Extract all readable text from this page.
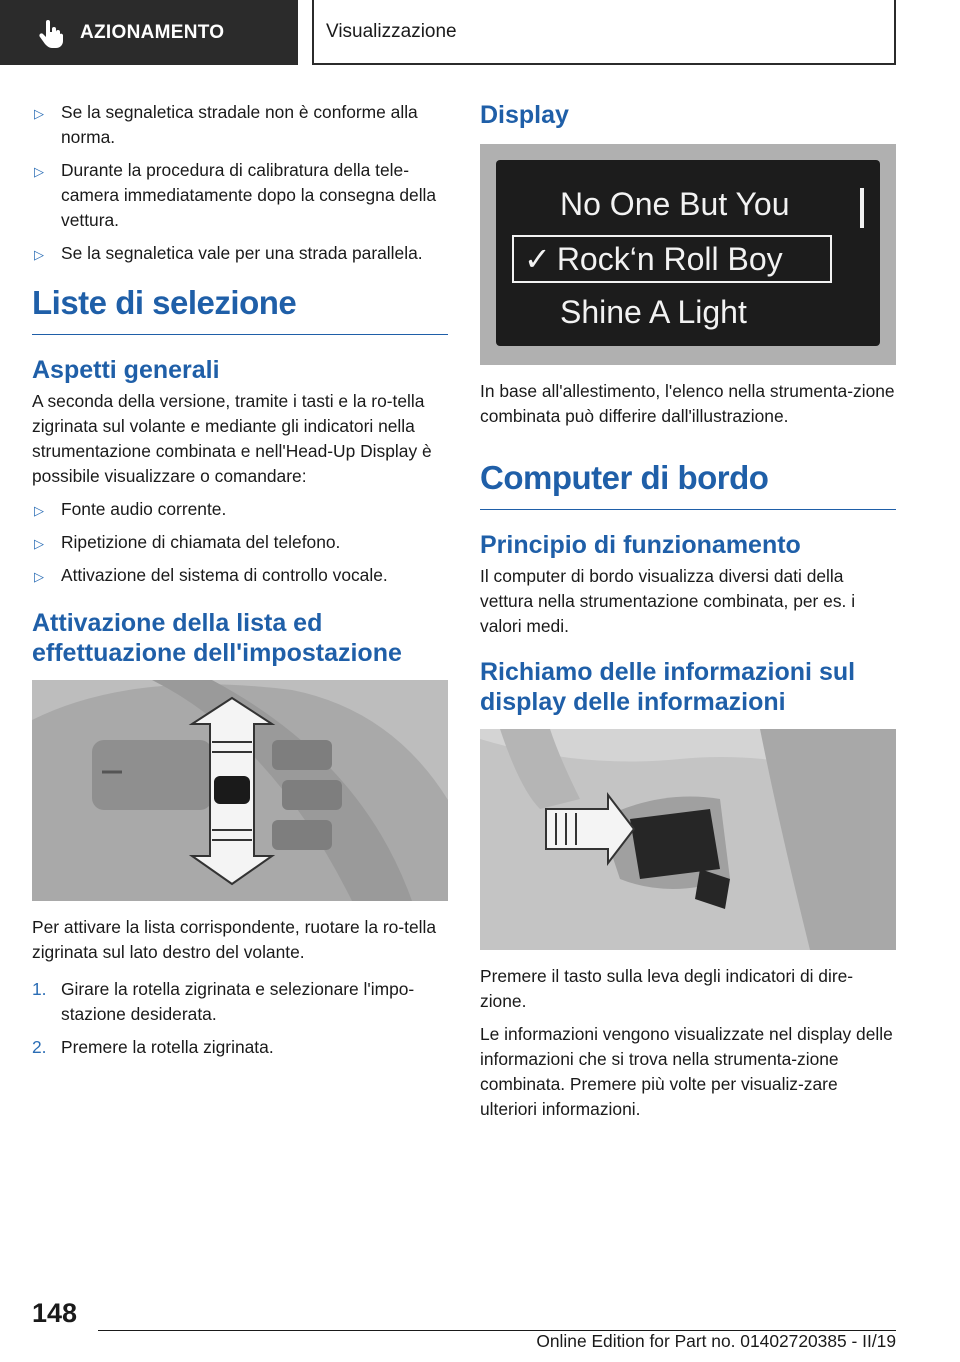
AZIONAMENTO	Visualizzazione
▷ Se la segnaletica stradale non è conforme alla norma.
▷ Durante la procedura di calibratura della tele-camera immediatamente dopo la consegna della vettura.
▷ Se la segnaletica vale per una strada parallela.
Liste di selezione
Aspetti generali

A seconda della versione, tramite i tasti e la ro-tella zigrinata sul volante e mediante gli indicatori nella strumentazione combinata e nell'Head-Up Display è possibile visualizzare o comandare:

▷ Fonte audio corrente.
▷ Ripetizione di chiamata del telefono.
▷ Attivazione del sistema di controllo vocale.
Attivazione della lista ed effettuazione dell'impostazione

Per attivare la lista corrispondente, ruotare la ro-tella zigrinata sul lato destro del volante.

1. Girare la rotella zigrinata e selezionare l'impo-stazione desiderata.
2. Premere la rotella zigrinata.
Display
No One But You
✓ Rock‘n Roll Boy
Shine A Light

In base all'allestimento, l'elenco nella strumenta-zione combinata può differire dall'illustrazione.

Computer di bordo
Principio di funzionamento

Il computer di bordo visualizza diversi dati della vettura nella strumentazione combinata, per es. i valori medi.

Richiamo delle informazioni sul display delle informazioni

Premere il tasto sulla leva degli indicatori di dire-zione.

Le informazioni vengono visualizzate nel display delle informazioni che si trova nella strumenta-zione combinata. Premere più volte per visualiz-zare ulteriori informazioni.

148
Online Edition for Part no. 01402720385 - II/19
